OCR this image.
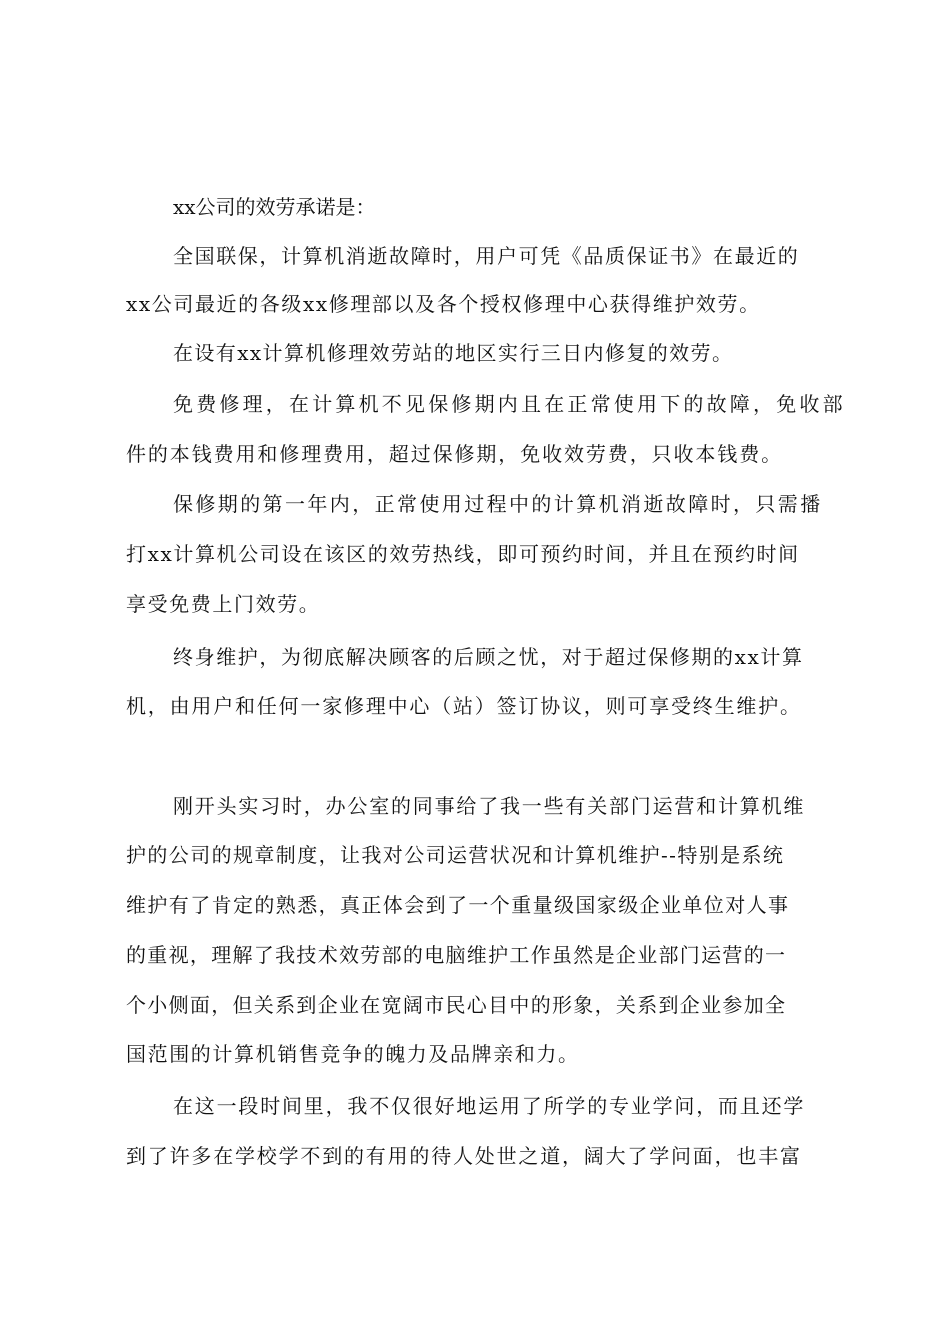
xx公司的效劳承诺是：
全国联保，计算机消逝故障时，用户可凭《品质保证书》在最近的
xx公司最近的各级xx修理部以及各个授权修理中心获得维护效劳。
在设有xx计算机修理效劳站的地区实行三日内修复的效劳。
免费修理，在计算机不见保修期内且在正常使用下的故障，免收部
件的本钱费用和修理费用，超过保修期，免收效劳费，只收本钱费。
保修期的第一年内，正常使用过程中的计算机消逝故障时，只需播
打xx计算机公司设在该区的效劳热线，即可预约时间，并且在预约时间
享受免费上门效劳。
终身维护，为彻底解决顾客的后顾之忧，对于超过保修期的xx计算
机，由用户和任何一家修理中心（站）签订协议，则可享受终生维护。
刚开头实习时，办公室的同事给了我一些有关部门运营和计算机维
护的公司的规章制度，让我对公司运营状况和计算机维护--特别是系统
维护有了肯定的熟悉，真正体会到了一个重量级国家级企业单位对人事
的重视，理解了我技术效劳部的电脑维护工作虽然是企业部门运营的一
个小侧面，但关系到企业在宽阔市民心目中的形象，关系到企业参加全
国范围的计算机销售竞争的魄力及品牌亲和力。
在这一段时间里，我不仅很好地运用了所学的专业学问，而且还学
到了许多在学校学不到的有用的待人处世之道，阔大了学问面，也丰富
